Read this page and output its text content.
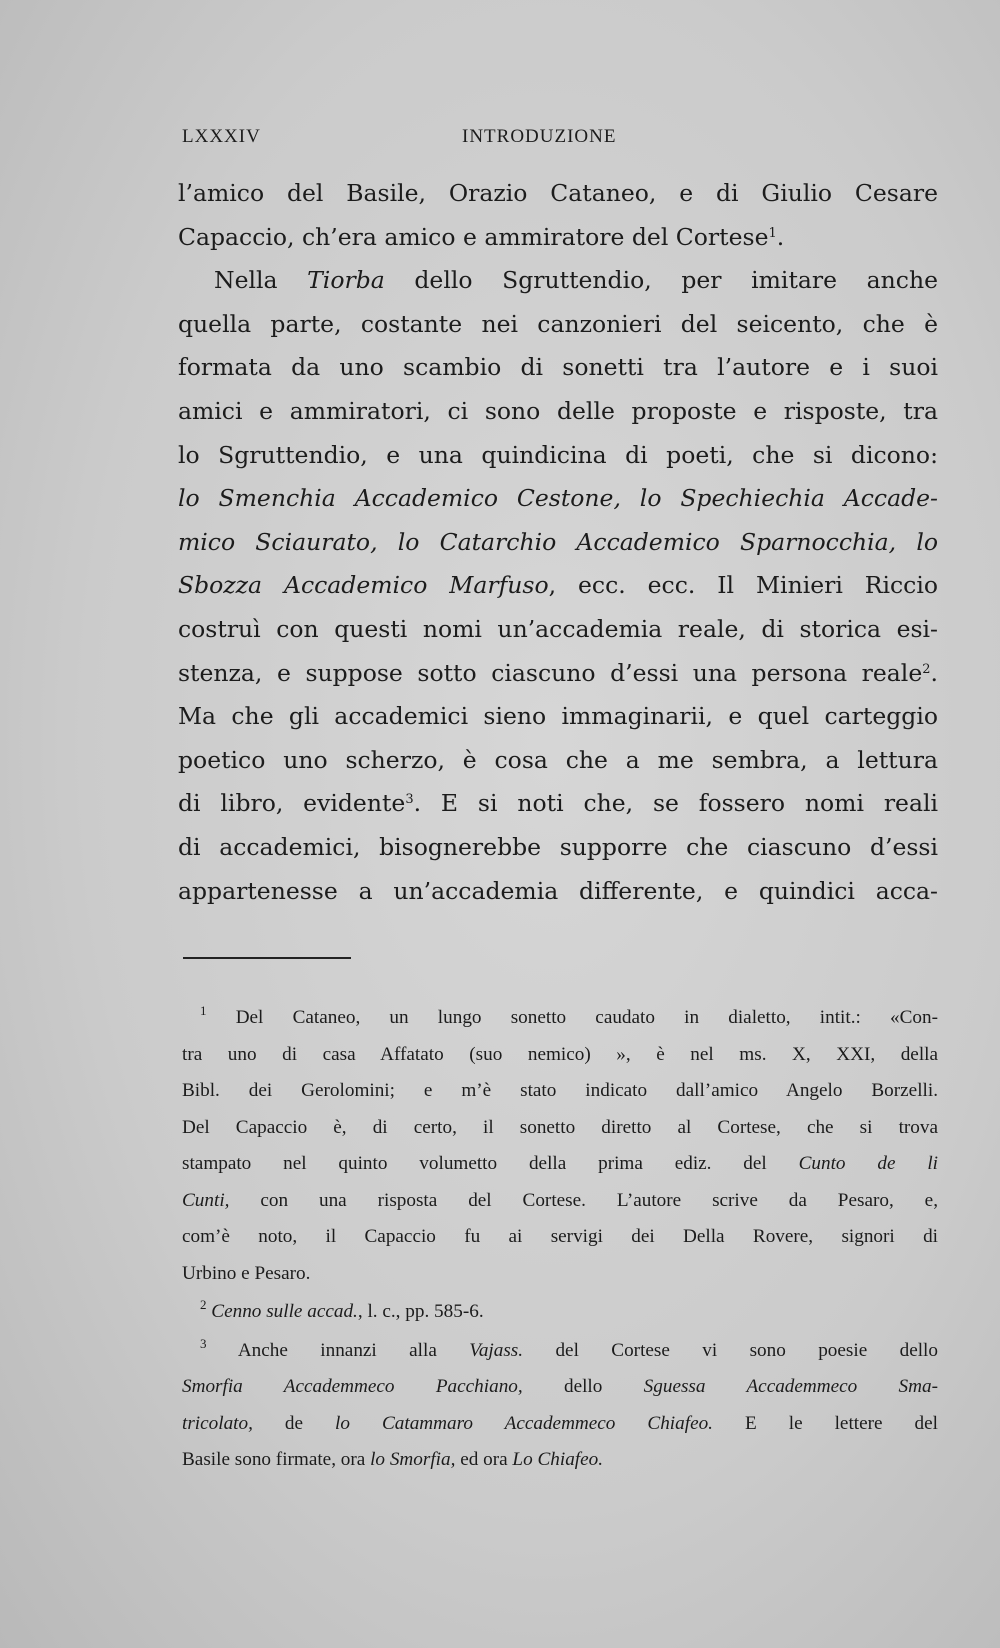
LXXXIV	INTRODUZIONE
l’amico del Basile, Orazio Cataneo, e di Giulio Cesare
Capaccio, ch’era amico e ammiratore del Cortese$^1$.
Nella Tiorba dello Sgruttendio, per imitare anche
quella parte, costante nei canzonieri del seicento, che è
formata da uno scambio di sonetti tra l’autore e i suoi
amici e ammiratori, ci sono delle proposte e risposte, tra
lo Sgruttendio, e una quindicina di poeti, che si dicono:
lo Smenchia Accademico Cestone, lo Spechiechia Accade-
mico Sciaurato, lo Catarchio Accademico Sparnocchia, lo
Sbozza Accademico Marfuso, ecc. ecc. Il Minieri Riccio
costruì con questi nomi un’accademia reale, di storica esi-
stenza, e suppose sotto ciascuno d’essi una persona reale$^2$.
Ma che gli accademici sieno immaginarii, e quel carteggio
poetico uno scherzo, è cosa che a me sembra, a lettura
di libro, evidente$^3$. E si noti che, se fossero nomi reali
di accademici, bisognerebbe supporre che ciascuno d’essi
appartenesse a un’accademia differente, e quindici acca-
$^1$ Del Cataneo, un lungo sonetto caudato in dialetto, intit.: «Con-
tra uno di casa Affatato (suo nemico) », è nel ms. X, XXI, della
Bibl. dei Gerolomini; e m’è stato indicato dall’amico Angelo Borzelli.
Del Capaccio è, di certo, il sonetto diretto al Cortese, che si trova
stampato nel quinto volumetto della prima ediz. del Cunto de li
Cunti, con una risposta del Cortese. L’autore scrive da Pesaro, e,
com’è noto, il Capaccio fu ai servigi dei Della Rovere, signori di
Urbino e Pesaro.
$^2$ Cenno sulle accad., l. c., pp. 585-6.
$^3$ Anche innanzi alla Vajass. del Cortese vi sono poesie dello
Smorfia Accademmeco Pacchiano, dello Sguessa Accademmeco Sma-
tricolato, de lo Catammaro Accademmeco Chiafeo. E le lettere del
Basile sono firmate, ora lo Smorfia, ed ora Lo Chiafeo.
